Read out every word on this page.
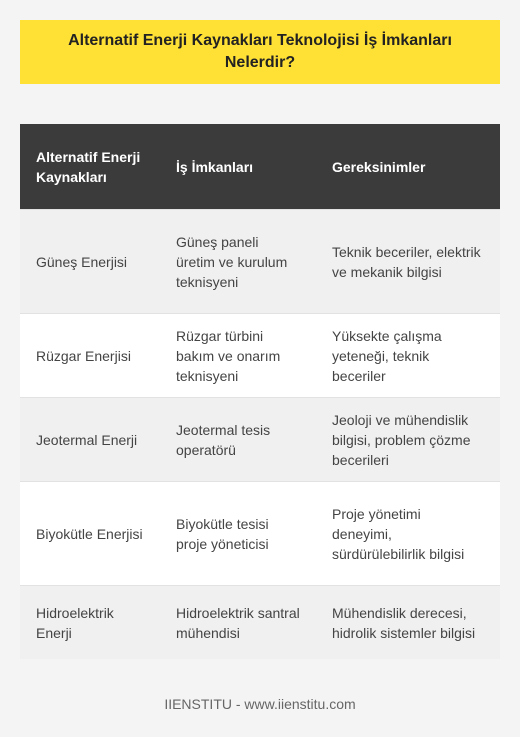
Alternatif Enerji Kaynakları Teknolojisi İş İmkanları Nelerdir?
Alternatif Enerji Kaynakları	İş İmkanları	Gereksinimler
Güneş Enerjisi	Güneş paneli üretim ve kurulum teknisyeni	Teknik beceriler, elektrik ve mekanik bilgisi
Rüzgar Enerjisi	Rüzgar türbini bakım ve onarım teknisyeni	Yüksekte çalışma yeteneği, teknik beceriler
Jeotermal Enerji	Jeotermal tesis operatörü	Jeoloji ve mühendislik bilgisi, problem çözme becerileri
Biyokütle Enerjisi	Biyokütle tesisi proje yöneticisi	Proje yönetimi deneyimi, sürdürülebilirlik bilgisi
Hidroelektrik Enerji	Hidroelektrik santral mühendisi	Mühendislik derecesi, hidrolik sistemler bilgisi
IIENSTITU - www.iienstitu.com
